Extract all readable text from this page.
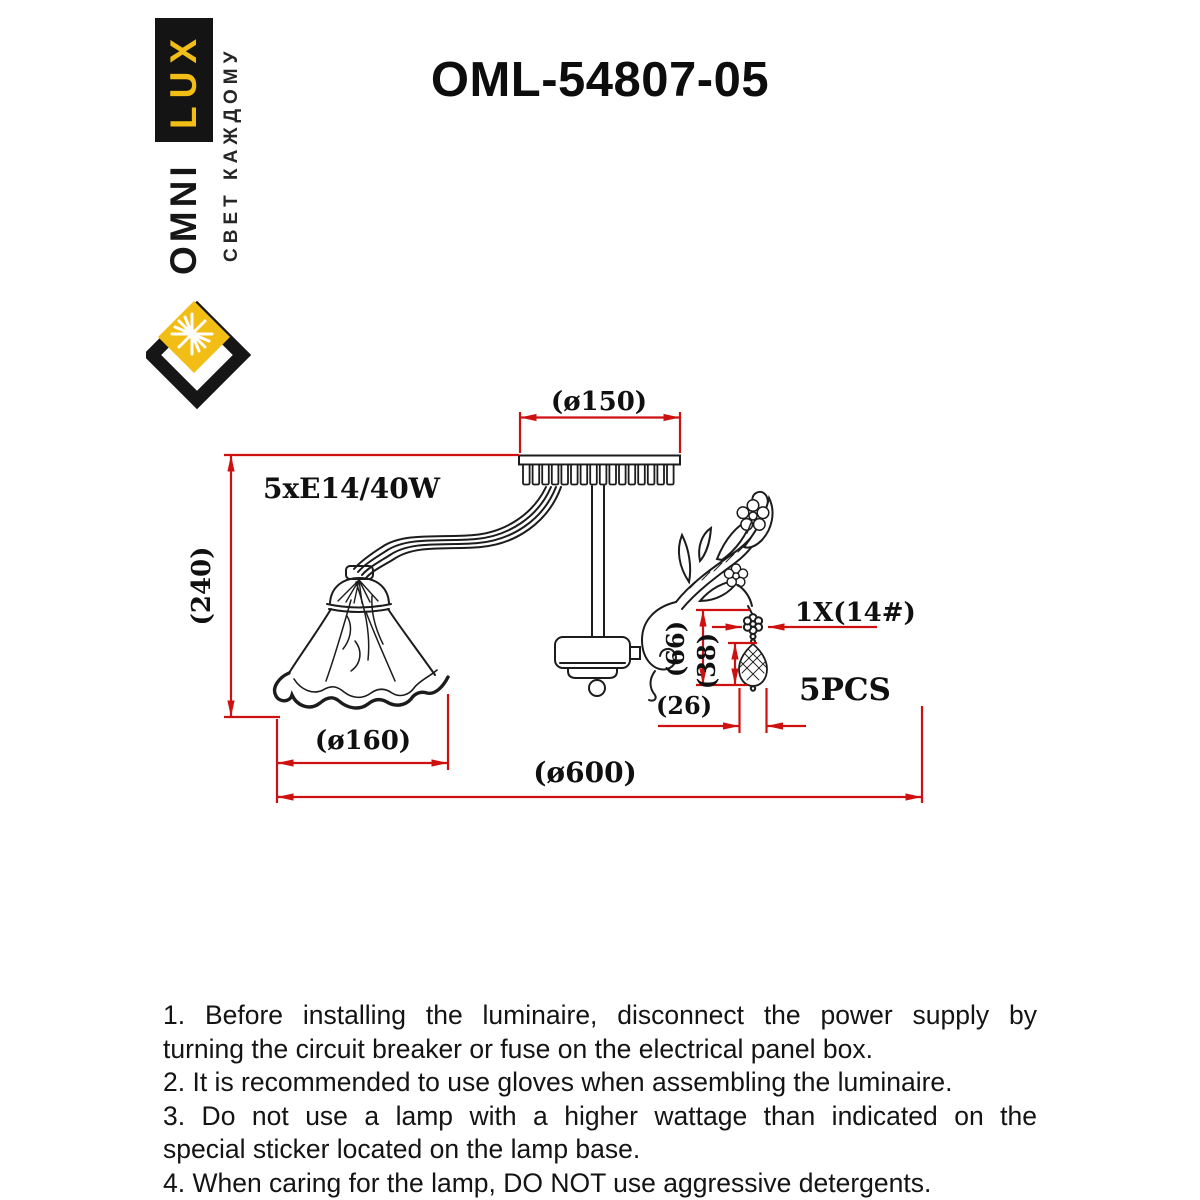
LUX
OMNI СВЕТ КАЖДОМУ	OML-54807-05
(ø150)
(240)
5xE14/40W
(ø160)
(ø600)
(66) (38)
(26)
1X(14#)
5PCS

1. Before installing the luminaire, disconnect the power supply by

turning the circuit breaker or fuse on the electrical panel box.

2. It is recommended to use gloves when assembling the luminaire.

3. Do not use a lamp with a higher wattage than indicated on the

special sticker located on the lamp base.

4. When caring for the lamp, DO NOT use aggressive detergents.
